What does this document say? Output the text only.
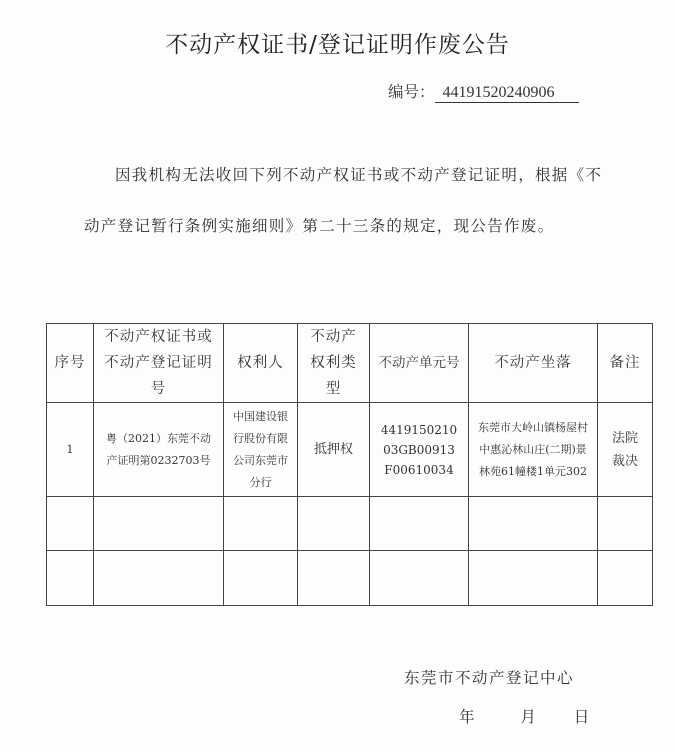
不动产权证书/登记证明作废公告
编号： 44191520240906
因我机构无法收回下列不动产权证书或不动产登记证明，根据《不动产登记暂行条例实施细则》第二十三条的规定，现公告作废。
序号	不动产权证书或不动产登记证明号	权利人	不动产权利类型	不动产单元号	不动产坐落	备注
1	粤（2021）东莞不动产证明第0232703号	中国建设银行股份有限公司东莞市分行	抵押权	441915021003GB00913F00610034	东莞市大岭山镇杨屋村中惠沁林山庄(二期)景林苑61幢楼1单元302	法院裁决

东莞市不动产登记中心
年	月 日
